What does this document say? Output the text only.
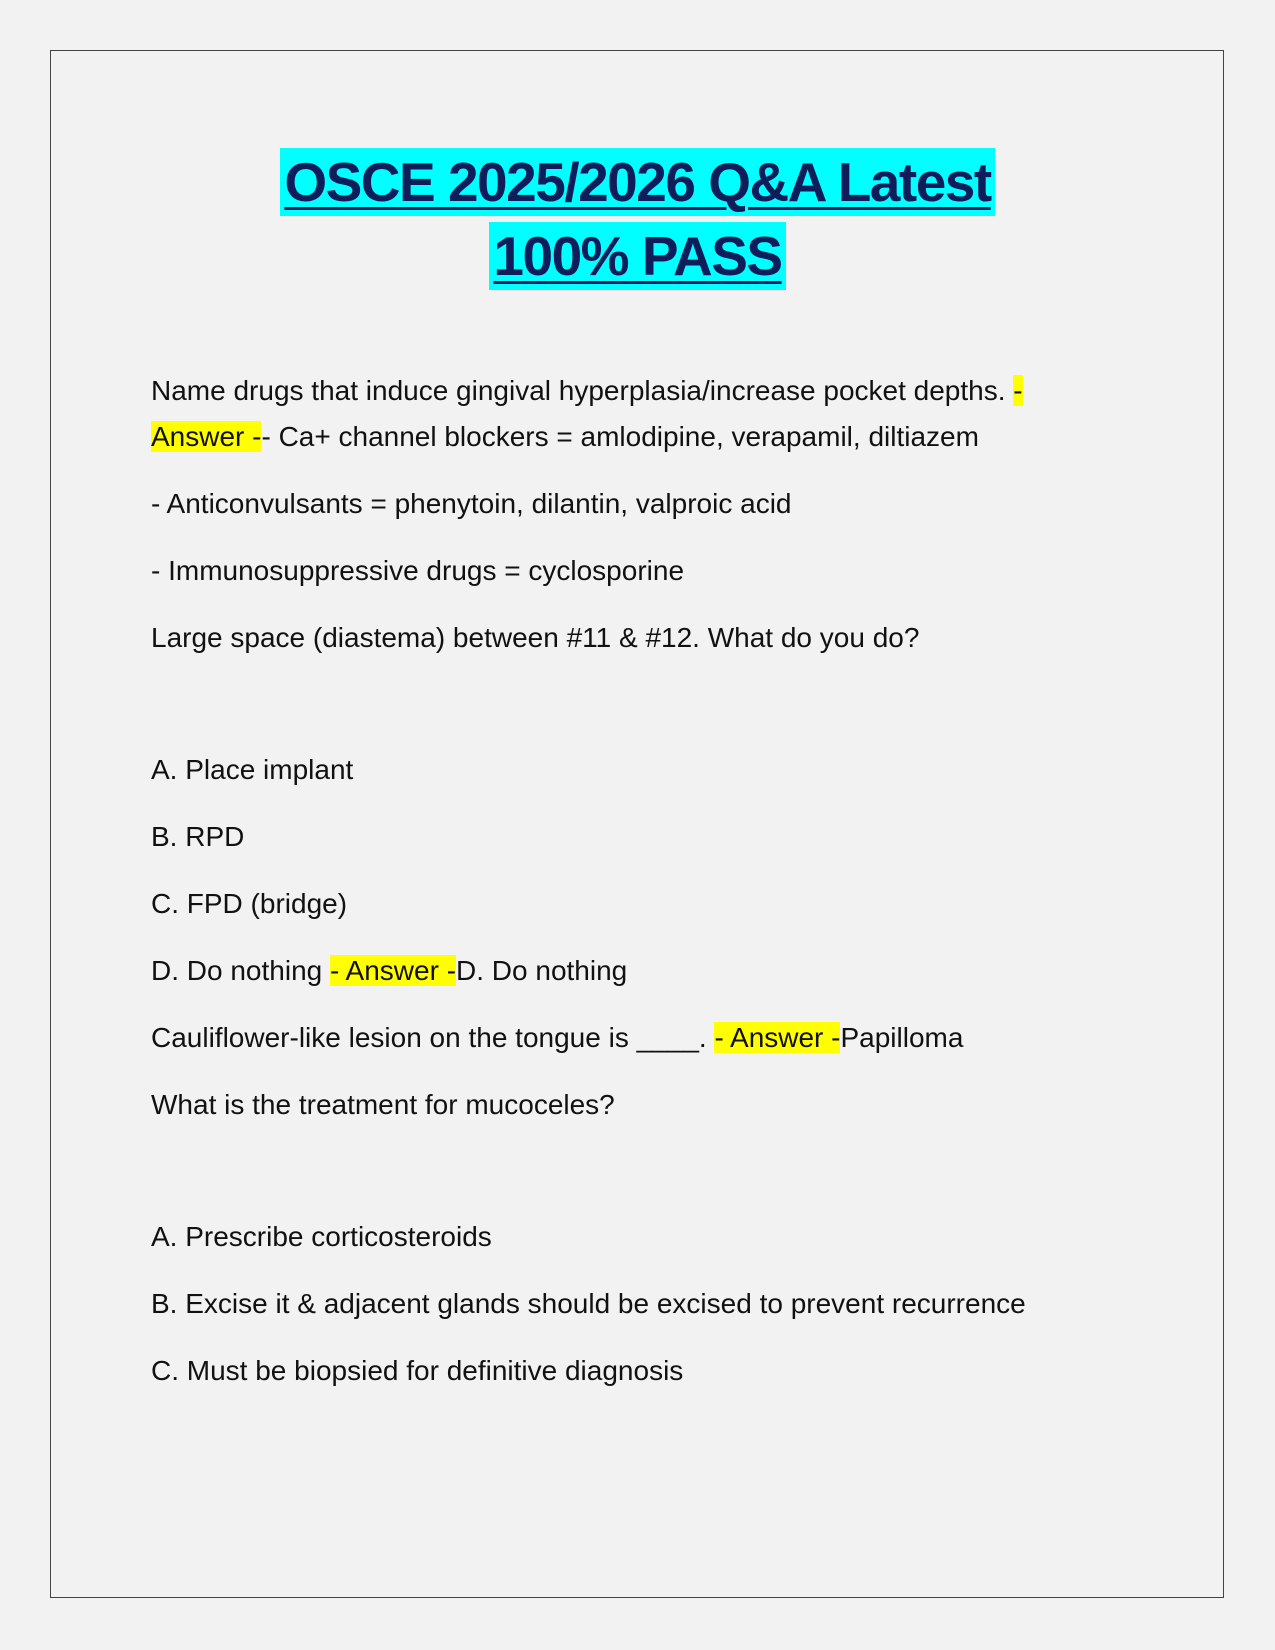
OSCE 2025/2026 Q&A Latest
100% PASS

Name drugs that induce gingival hyperplasia/increase pocket depths. -

Answer -- Ca+ channel blockers = amlodipine, verapamil, diltiazem

- Anticonvulsants = phenytoin, dilantin, valproic acid

- Immunosuppressive drugs = cyclosporine

Large space (diastema) between #11 & #12. What do you do?

A. Place implant

B. RPD

C. FPD (bridge)

D. Do nothing - Answer -D. Do nothing

Cauliflower-like lesion on the tongue is ____. - Answer -Papilloma

What is the treatment for mucoceles?

A. Prescribe corticosteroids

B. Excise it & adjacent glands should be excised to prevent recurrence

C. Must be biopsied for definitive diagnosis
